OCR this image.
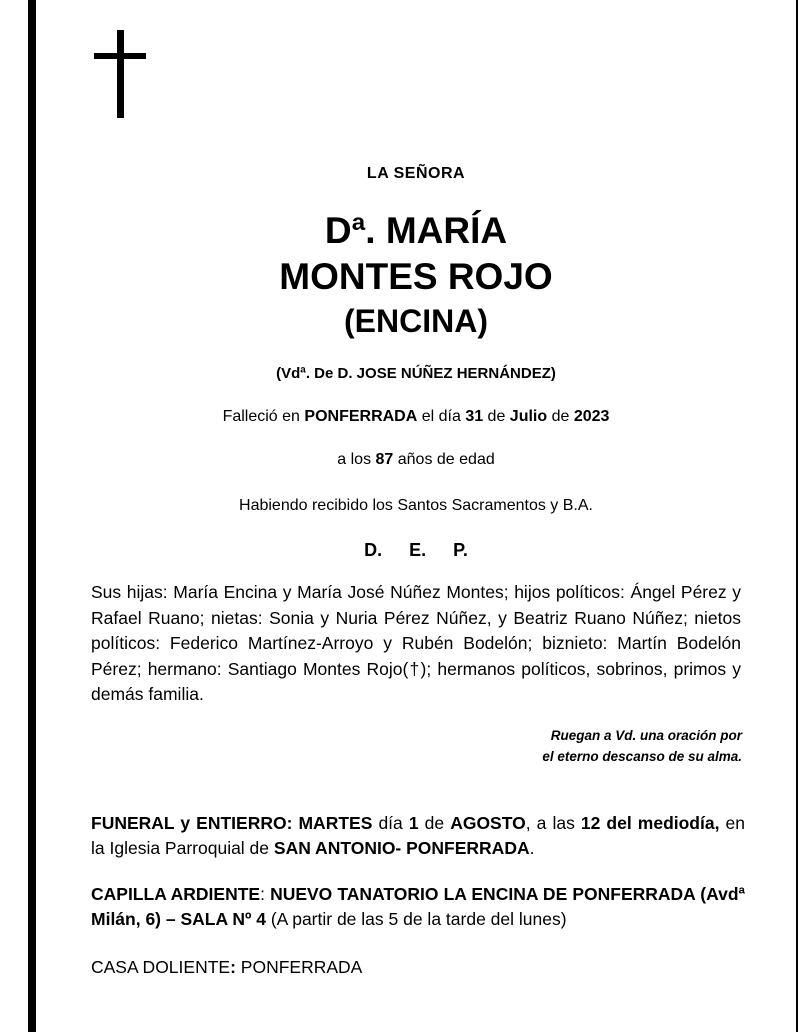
LA SEÑORA
Dª. MARÍA
MONTES ROJO
(ENCINA)
(Vdª. De D. JOSE NÚÑEZ HERNÁNDEZ)
Falleció en PONFERRADA el día 31 de Julio de 2023
a los 87 años de edad
Habiendo recibido los Santos Sacramentos y B.A.
D. E. P.
Sus hijas: María Encina y María José Núñez Montes; hijos políticos: Ángel Pérez y Rafael Ruano; nietas: Sonia y Nuria Pérez Núñez, y Beatriz Ruano Núñez; nietos políticos: Federico Martínez-Arroyo y Rubén Bodelón; biznieto: Martín Bodelón Pérez; hermano: Santiago Montes Rojo(†); hermanos políticos, sobrinos, primos y demás familia.
Ruegan a Vd. una oración por
el eterno descanso de su alma.
FUNERAL y ENTIERRO: MARTES día 1 de AGOSTO, a las 12 del mediodía, en la Iglesia Parroquial de SAN ANTONIO- PONFERRADA.
CAPILLA ARDIENTE: NUEVO TANATORIO LA ENCINA DE PONFERRADA (Avdª Milán, 6) – SALA Nº 4 (A partir de las 5 de la tarde del lunes)
CASA DOLIENTE: PONFERRADA
